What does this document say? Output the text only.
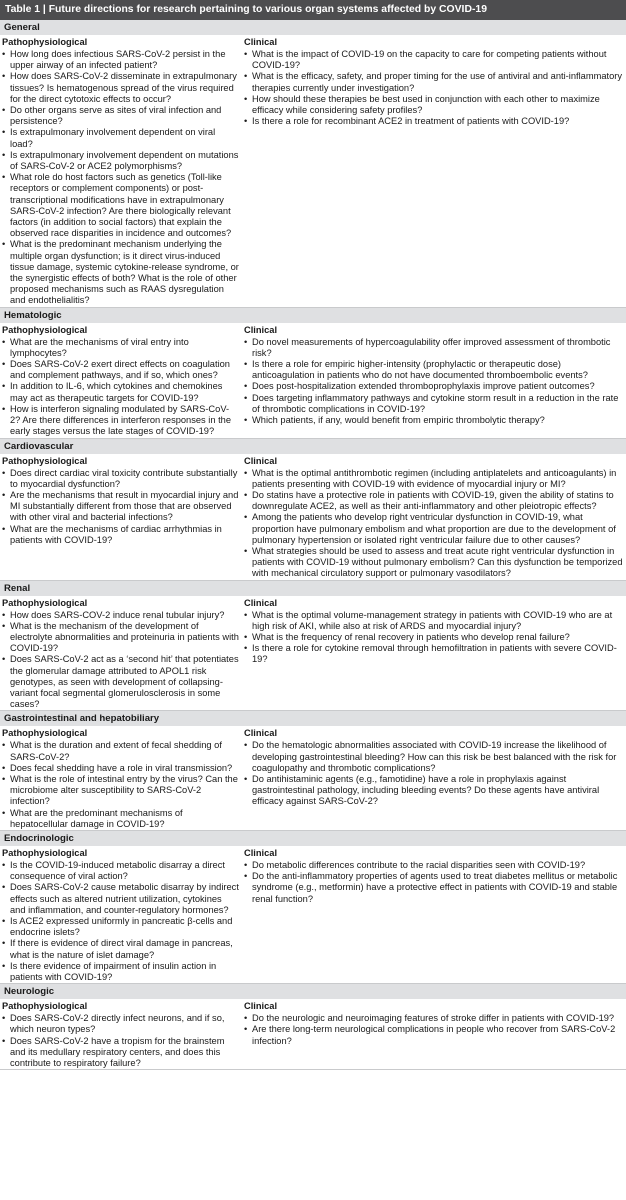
Table 1 | Future directions for research pertaining to various organ systems affected by COVID-19
General
Pathophysiological
• How long does infectious SARS-CoV-2 persist in the upper airway of an infected patient?
• How does SARS-CoV-2 disseminate in extrapulmonary tissues? Is hematogenous spread of the virus required for the direct cytotoxic effects to occur?
• Do other organs serve as sites of viral infection and persistence?
• Is extrapulmonary involvement dependent on viral load?
• Is extrapulmonary involvement dependent on mutations of SARS-CoV-2 or ACE2 polymorphisms?
• What role do host factors such as genetics (Toll-like receptors or complement components) or post-transcriptional modifications have in extrapulmonary SARS-CoV-2 infection? Are there biologically relevant factors (in addition to social factors) that explain the observed race disparities in incidence and outcomes?
• What is the predominant mechanism underlying the multiple organ dysfunction; is it direct virus-induced tissue damage, systemic cytokine-release syndrome, or the synergistic effects of both? What is the role of other proposed mechanisms such as RAAS dysregulation and endothelialitis?
Clinical
• What is the impact of COVID-19 on the capacity to care for competing patients without COVID-19?
• What is the efficacy, safety, and proper timing for the use of antiviral and anti-inflammatory therapies currently under investigation?
• How should these therapies be best used in conjunction with each other to maximize efficacy while considering safety profiles?
• Is there a role for recombinant ACE2 in treatment of patients with COVID-19?
Hematologic
Pathophysiological
• What are the mechanisms of viral entry into lymphocytes?
• Does SARS-CoV-2 exert direct effects on coagulation and complement pathways, and if so, which ones?
• In addition to IL-6, which cytokines and chemokines may act as therapeutic targets for COVID-19?
• How is interferon signaling modulated by SARS-CoV-2? Are there differences in interferon responses in the early stages versus the late stages of COVID-19?
Clinical
• Do novel measurements of hypercoagulability offer improved assessment of thrombotic risk?
• Is there a role for empiric higher-intensity (prophylactic or therapeutic dose) anticoagulation in patients who do not have documented thromboembolic events?
• Does post-hospitalization extended thromboprophylaxis improve patient outcomes?
• Does targeting inflammatory pathways and cytokine storm result in a reduction in the rate of thrombotic complications in COVID-19?
• Which patients, if any, would benefit from empiric thrombolytic therapy?
Cardiovascular
Pathophysiological
• Does direct cardiac viral toxicity contribute substantially to myocardial dysfunction?
• Are the mechanisms that result in myocardial injury and MI substantially different from those that are observed with other viral and bacterial infections?
• What are the mechanisms of cardiac arrhythmias in patients with COVID-19?
Clinical
• What is the optimal antithrombotic regimen (including antiplatelets and anticoagulants) in patients presenting with COVID-19 with evidence of myocardial injury or MI?
• Do statins have a protective role in patients with COVID-19, given the ability of statins to downregulate ACE2, as well as their anti-inflammatory and other pleiotropic effects?
• Among the patients who develop right ventricular dysfunction in COVID-19, what proportion have pulmonary embolism and what proportion are due to the development of pulmonary hypertension or isolated right ventricular failure due to other causes?
• What strategies should be used to assess and treat acute right ventricular dysfunction in patients with COVID-19 without pulmonary embolism? Can this dysfunction be temporized with mechanical circulatory support or pulmonary vasodilators?
Renal
Pathophysiological
• How does SARS-COV-2 induce renal tubular injury?
• What is the mechanism of the development of electrolyte abnormalities and proteinuria in patients with COVID-19?
• Does SARS-CoV-2 act as a ‘second hit’ that potentiates the glomerular damage attributed to APOL1 risk genotypes, as seen with development of collapsing-variant focal segmental glomerulosclerosis in some cases?
Clinical
• What is the optimal volume-management strategy in patients with COVID-19 who are at high risk of AKI, while also at risk of ARDS and myocardial injury?
• What is the frequency of renal recovery in patients who develop renal failure?
• Is there a role for cytokine removal through hemofiltration in patients with severe COVID-19?
Gastrointestinal and hepatobiliary
Pathophysiological
• What is the duration and extent of fecal shedding of SARS-CoV-2?
• Does fecal shedding have a role in viral transmission?
• What is the role of intestinal entry by the virus? Can the microbiome alter susceptibility to SARS-CoV-2 infection?
• What are the predominant mechanisms of hepatocellular damage in COVID-19?
Clinical
• Do the hematologic abnormalities associated with COVID-19 increase the likelihood of developing gastrointestinal bleeding? How can this risk be best balanced with the risk for coagulopathy and thrombotic complications?
• Do antihistaminic agents (e.g., famotidine) have a role in prophylaxis against gastrointestinal pathology, including bleeding events? Do these agents have antiviral efficacy against SARS-CoV-2?
Endocrinologic
Pathophysiological
• Is the COVID-19-induced metabolic disarray a direct consequence of viral action?
• Does SARS-CoV-2 cause metabolic disarray by indirect effects such as altered nutrient utilization, cytokines and inflammation, and counter-regulatory hormones?
• Is ACE2 expressed uniformly in pancreatic β-cells and endocrine islets?
• If there is evidence of direct viral damage in pancreas, what is the nature of islet damage?
• Is there evidence of impairment of insulin action in patients with COVID-19?
Clinical
• Do metabolic differences contribute to the racial disparities seen with COVID-19?
• Do the anti-inflammatory properties of agents used to treat diabetes mellitus or metabolic syndrome (e.g., metformin) have a protective effect in patients with COVID-19 and stable renal function?
Neurologic
Pathophysiological
• Does SARS-CoV-2 directly infect neurons, and if so, which neuron types?
• Does SARS-CoV-2 have a tropism for the brainstem and its medullary respiratory centers, and does this contribute to respiratory failure?
Clinical
• Do the neurologic and neuroimaging features of stroke differ in patients with COVID-19?
• Are there long-term neurological complications in people who recover from SARS-CoV-2 infection?
